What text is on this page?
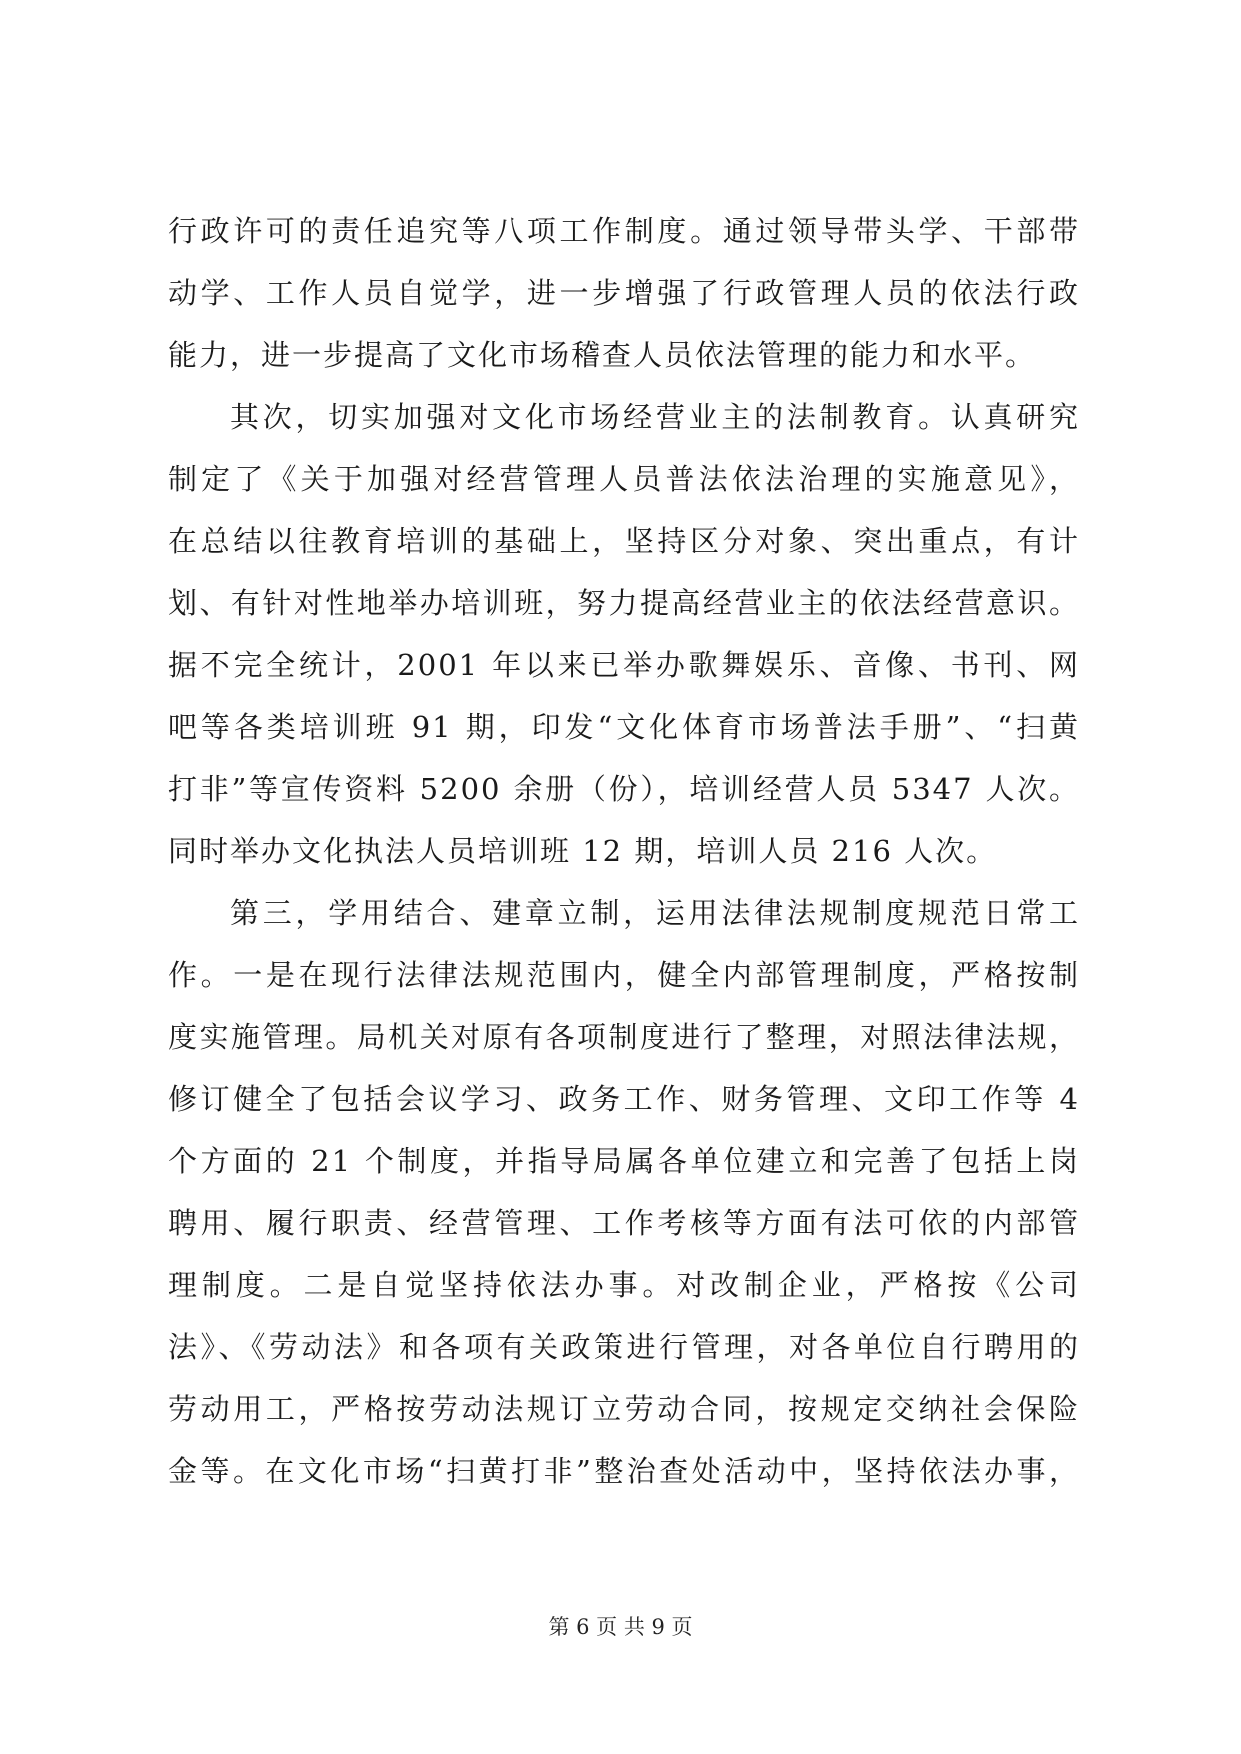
行政许可的责任追究等八项工作制度。通过领导带头学、干部带
动学、工作人员自觉学，进一步增强了行政管理人员的依法行政
能力，进一步提高了文化市场稽查人员依法管理的能力和水平。
其次，切实加强对文化市场经营业主的法制教育。认真研究
制定了《关于加强对经营管理人员普法依法治理的实施意见》，
在总结以往教育培训的基础上，坚持区分对象、突出重点，有计
划、有针对性地举办培训班，努力提高经营业主的依法经营意识。
据不完全统计，2001 年以来已举办歌舞娱乐、音像、书刊、网
吧等各类培训班 91 期，印发“文化体育市场普法手册”、“扫黄
打非”等宣传资料 5200 余册（份），培训经营人员 5347 人次。
同时举办文化执法人员培训班 12 期，培训人员 216 人次。
第三，学用结合、建章立制，运用法律法规制度规范日常工
作。一是在现行法律法规范围内，健全内部管理制度，严格按制
度实施管理。局机关对原有各项制度进行了整理，对照法律法规，
修订健全了包括会议学习、政务工作、财务管理、文印工作等 4
个方面的 21 个制度，并指导局属各单位建立和完善了包括上岗
聘用、履行职责、经营管理、工作考核等方面有法可依的内部管
理制度。二是自觉坚持依法办事。对改制企业，严格按《公司
法》、《劳动法》和各项有关政策进行管理，对各单位自行聘用的
劳动用工，严格按劳动法规订立劳动合同，按规定交纳社会保险
金等。在文化市场“扫黄打非”整治查处活动中，坚持依法办事，
第 6 页 共 9 页
